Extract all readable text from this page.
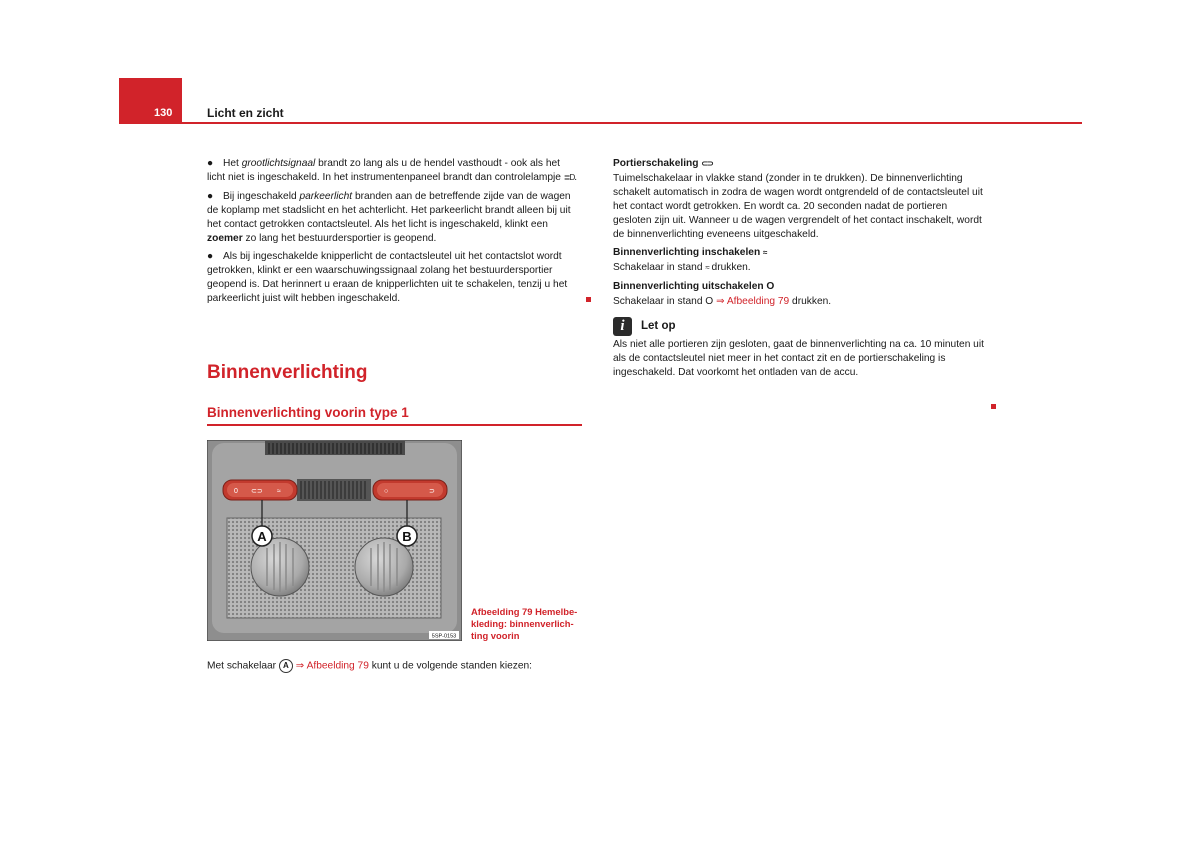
130	Licht en zicht

● Het grootlichtsignaal brandt zo lang als u de hendel vasthoudt - ook als het licht niet is ingeschakeld. In het instrumentenpaneel brandt dan controlelampje ≣D.

● Bij ingeschakeld parkeerlicht branden aan de betreffende zijde van de wagen de koplamp met stadslicht en het achterlicht. Het parkeerlicht brandt alleen bij uit het contact getrokken contactsleutel. Als het licht is ingeschakeld, klinkt een zoemer zo lang het bestuurdersportier is geopend.

● Als bij ingeschakelde knipperlicht de contactsleutel uit het contactslot wordt getrokken, klinkt er een waarschuwingssignaal zolang het bestuurdersportier geopend is. Dat herinnert u eraan de knipperlichten uit te schakelen, tenzij u het parkeerlicht juist wilt hebben ingeschakeld.

Binnenverlichting
Binnenverlichting voorin type 1
0 ⊂⊃ ≈	○	⊃
A	B
5SP-0153
Afbeelding 79 Hemelbekleding: binnenverlichting voorin
Met schakelaar A ⇒ Afbeelding 79 kunt u de volgende standen kiezen:

Portierschakeling ⊂⊃

Tuimelschakelaar in vlakke stand (zonder in te drukken). De binnenverlichting schakelt automatisch in zodra de wagen wordt ontgrendeld of de contactsleutel uit het contact wordt getrokken. En wordt ca. 20 seconden nadat de portieren gesloten zijn uit. Wanneer u de wagen vergrendelt of het contact inschakelt, wordt de binnenverlichting eveneens uitgeschakeld.

Binnenverlichting inschakelen ≈

Schakelaar in stand ≈ drukken.

Binnenverlichting uitschakelen O

Schakelaar in stand O ⇒ Afbeelding 79 drukken.

i Let op

Als niet alle portieren zijn gesloten, gaat de binnenverlichting na ca. 10 minuten uit als de contactsleutel niet meer in het contact zit en de portierschakeling is ingeschakeld. Dat voorkomt het ontladen van de accu.
